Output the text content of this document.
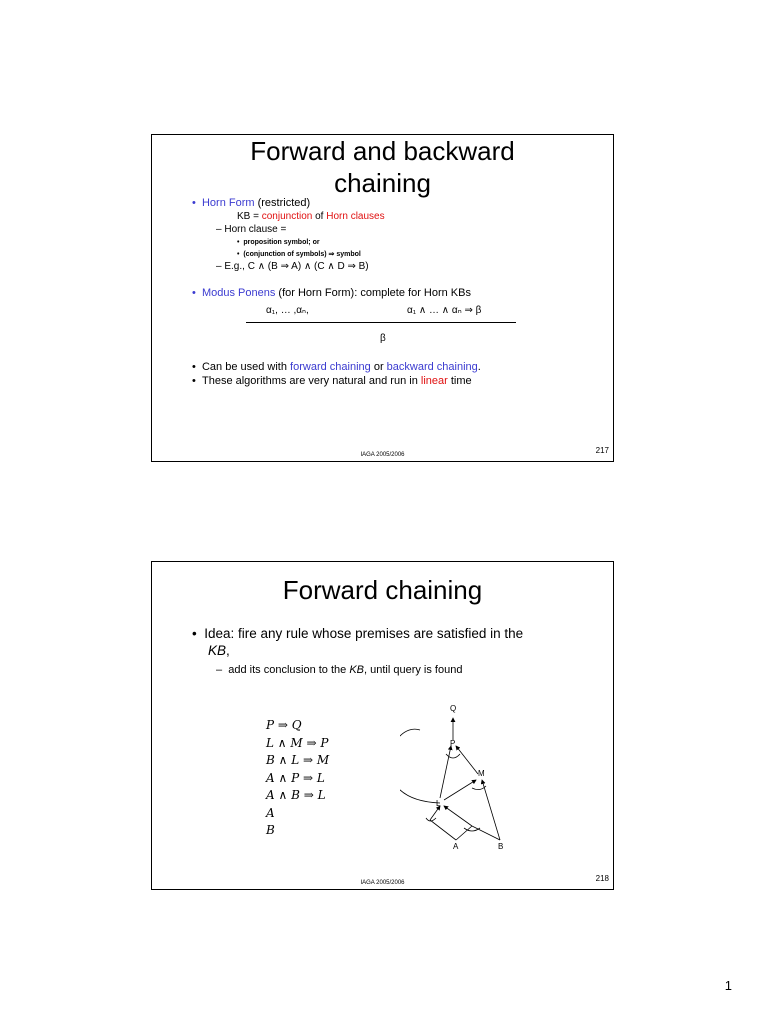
Forward and backward
chaining
• Horn Form (restricted)
KB = conjunction of Horn clauses
– Horn clause =
• proposition symbol; or
• (conjunction of symbols) ⇒ symbol
– E.g., C ∧ (B ⇒ A) ∧ (C ∧ D ⇒ B)
• Modus Ponens (for Horn Form): complete for Horn KBs
α₁, … ,αₙ,	α₁ ∧ … ∧ αₙ ⇒ β
β
• Can be used with forward chaining or backward chaining.
• These algorithms are very natural and run in linear time
IAGA 2005/2006	217
Forward chaining
• Idea: fire any rule whose premises are satisfied in the
KB,
– add its conclusion to the KB, until query is found
P ⇒ Q
L ∧ M ⇒ P
B ∧ L ⇒ M
A ∧ P ⇒ L
A ∧ B ⇒ L
A
B
Q
P
M
L
A	B
IAGA 2005/2006	218
1
